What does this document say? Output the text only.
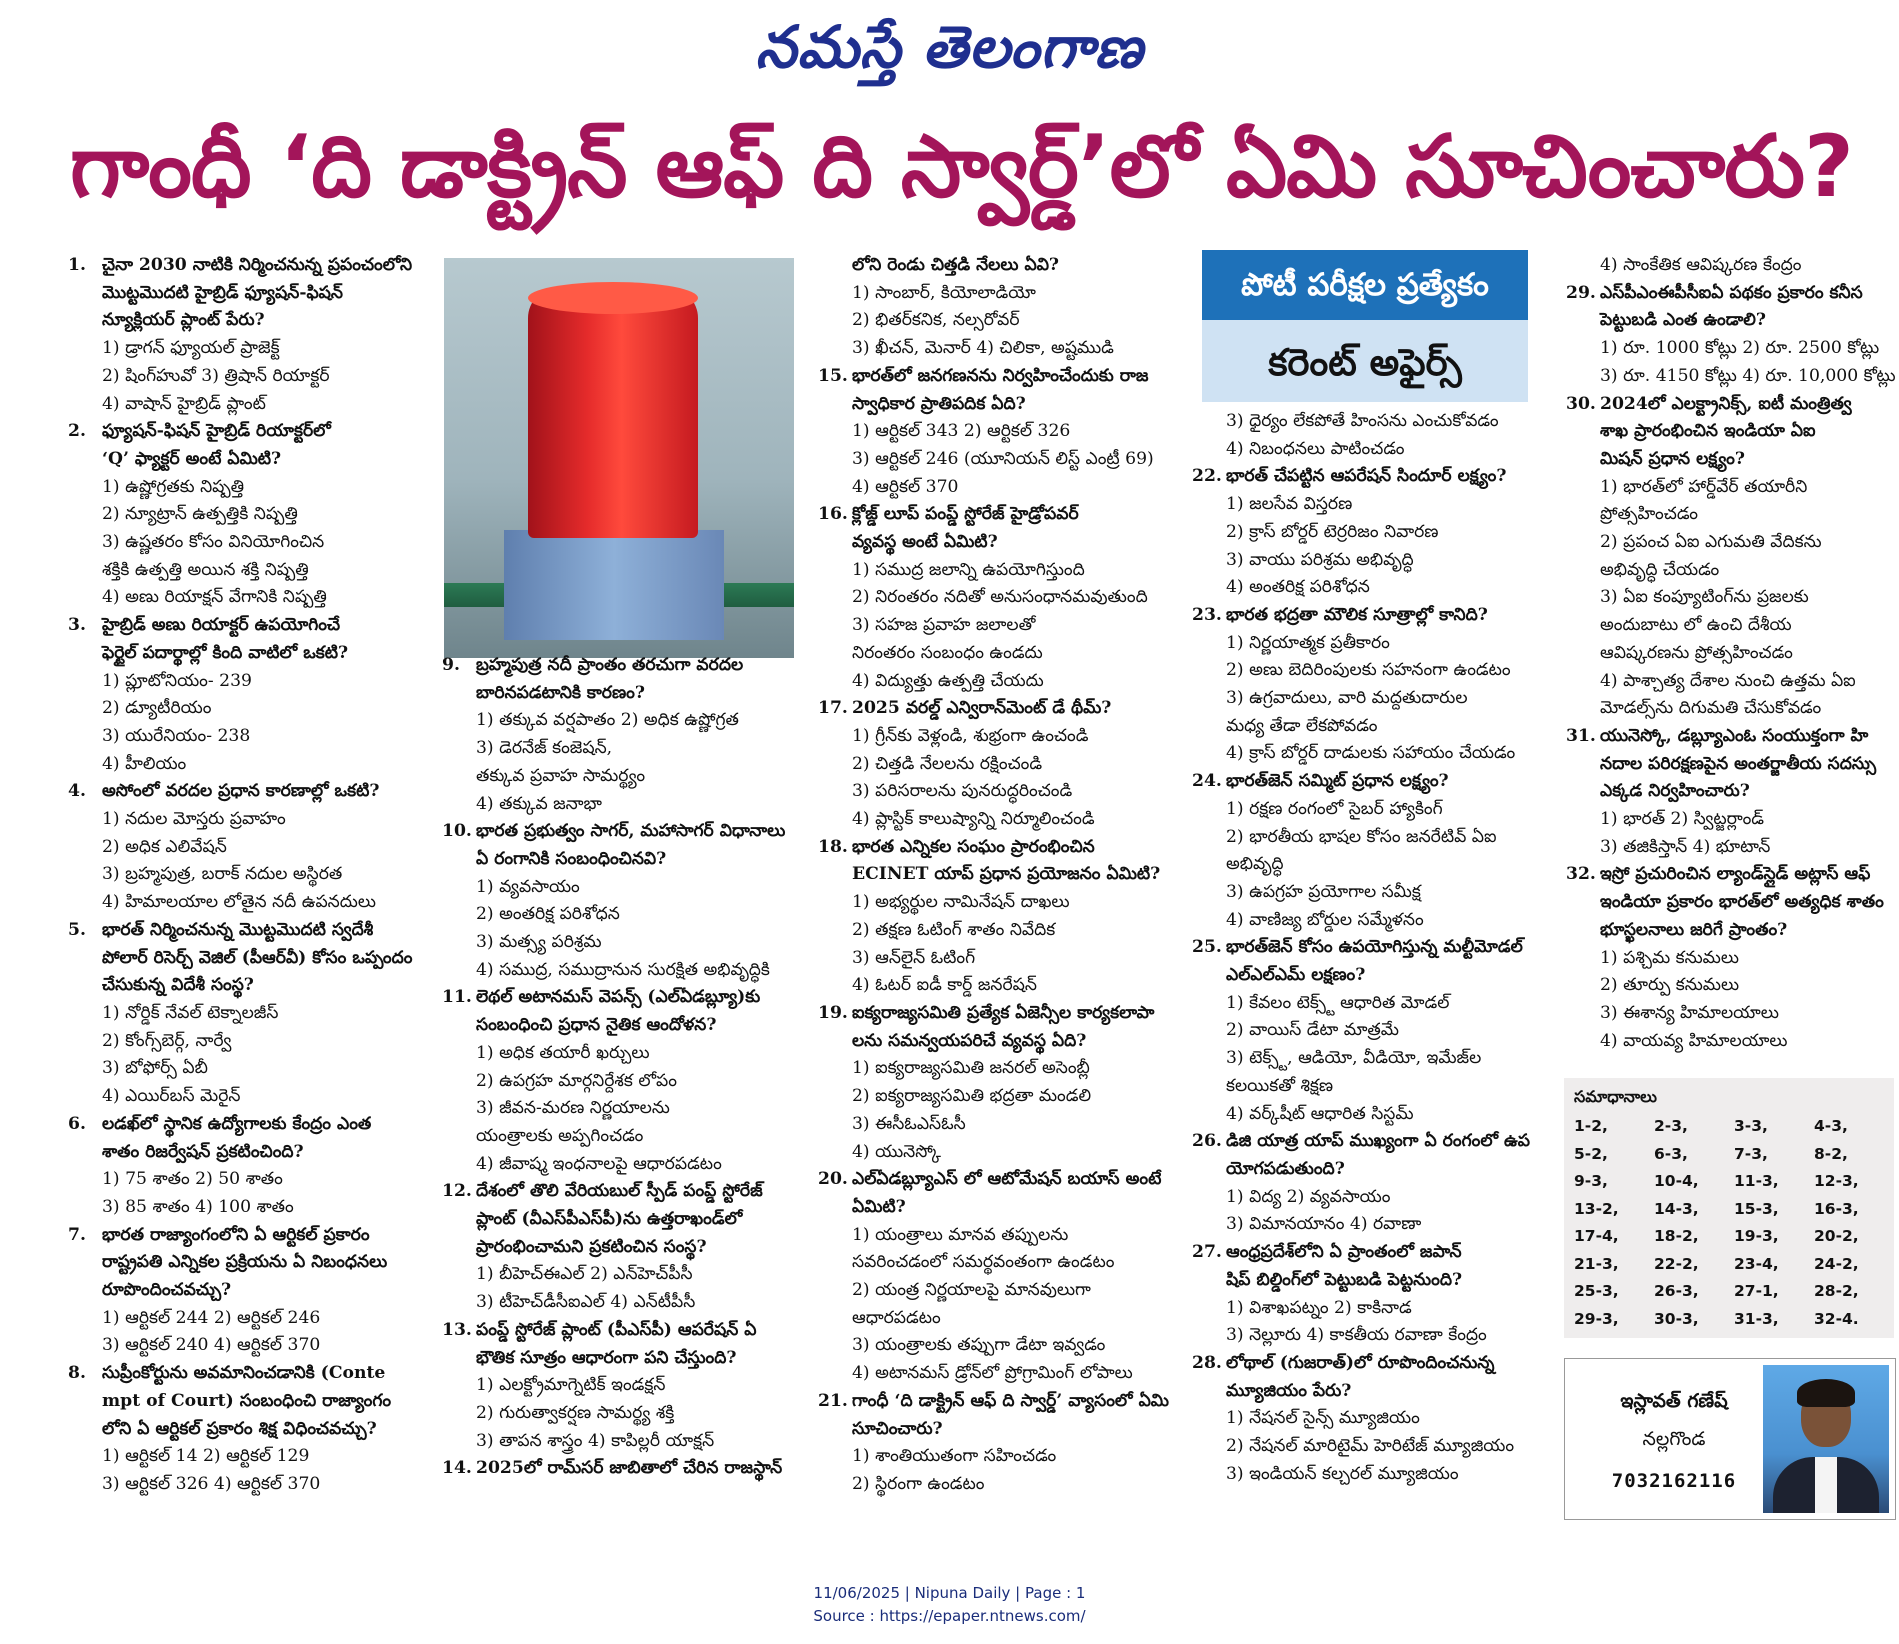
నమస్తే తెలంగాణ
గాంధీ ‘ది డాక్ట్రిన్ ఆఫ్ ది స్వార్డ్’లో ఏమి సూచించారు?

1. చైనా 2030 నాటికి నిర్మించనున్న ప్రపంచంలోని

మొట్టమొదటి హైబ్రిడ్ ఫ్యూషన్-ఫిషన్

న్యూక్లియర్ ప్లాంట్ పేరు?

1) డ్రాగన్ ఫ్యూయల్ ప్రాజెక్ట్

2) షింగ్‌హువో 3) త్రిషాన్ రియాక్టర్

4) వాషాన్ హైబ్రిడ్ ప్లాంట్

2. ఫ్యూషన్-ఫిషన్ హైబ్రిడ్ రియాక్టర్‌లో

‘Q’ ఫ్యాక్టర్ అంటే ఏమిటి?

1) ఉష్ణోగ్రతకు నిష్పత్తి

2) న్యూట్రాన్ ఉత్పత్తికి నిష్పత్తి

3) ఉష్ణతరం కోసం వినియోగించిన

శక్తికి ఉత్పత్తి అయిన శక్తి నిష్పత్తి

4) అణు రియాక్షన్ వేగానికి నిష్పత్తి

3. హైబ్రిడ్ అణు రియాక్టర్ ఉపయోగించే

ఫెర్టైల్ పదార్థాల్లో కింది వాటిలో ఒకటి?

1) ప్లూటోనియం- 239

2) డ్యూటీరియం

3) యురేనియం- 238

4) హీలియం

4. అసోంలో వరదల ప్రధాన కారణాల్లో ఒకటి?

1) నదుల మోస్తరు ప్రవాహం

2) అధిక ఎలివేషన్

3) బ్రహ్మపుత్ర, బరాక్ నదుల అస్థిరత

4) హిమాలయాల లోతైన నదీ ఉపనదులు

5. భారత్ నిర్మించనున్న మొట్టమొదటి స్వదేశీ

పోలార్ రిసెర్చ్ వెజిల్ (పీఆర్‌వీ) కోసం ఒప్పందం

చేసుకున్న విదేశీ సంస్థ?

1) నోర్డిక్ నేవల్ టెక్నాలజీస్

2) కోంగ్స్‌బెర్గ్, నార్వే

3) బోఫోర్స్ ఏబీ

4) ఎయిర్‌బస్ మెరైన్

6. లడఖ్‌లో స్థానిక ఉద్యోగాలకు కేంద్రం ఎంత

శాతం రిజర్వేషన్ ప్రకటించింది?

1) 75 శాతం 2) 50 శాతం

3) 85 శాతం 4) 100 శాతం

7. భారత రాజ్యాంగంలోని ఏ ఆర్టికల్ ప్రకారం

రాష్ట్రపతి ఎన్నికల ప్రక్రియను ఏ నిబంధనలు

రూపొందించవచ్చు?

1) ఆర్టికల్ 244 2) ఆర్టికల్ 246

3) ఆర్టికల్ 240 4) ఆర్టికల్ 370

8. సుప్రీంకోర్టును అవమానించడానికి (Conte

mpt of Court) సంబంధించి రాజ్యాంగం

లోని ఏ ఆర్టికల్ ప్రకారం శిక్ష విధించవచ్చు?

1) ఆర్టికల్ 14 2) ఆర్టికల్ 129

3) ఆర్టికల్ 326 4) ఆర్టికల్ 370

9. బ్రహ్మపుత్ర నదీ ప్రాంతం తరచుగా వరదల

బారినపడటానికి కారణం?

1) తక్కువ వర్షపాతం 2) అధిక ఉష్ణోగ్రత

3) డెరనేజ్ కంజెషన్,

తక్కువ ప్రవాహ సామర్థ్యం

4) తక్కువ జనాభా

10. భారత ప్రభుత్వం సాగర్, మహాసాగర్ విధానాలు

ఏ రంగానికి సంబంధించినవి?

1) వ్యవసాయం

2) అంతరిక్ష పరిశోధన

3) మత్స్య పరిశ్రమ

4) సముద్ర, సముద్రానున సురక్షిత అభివృద్ధికి

11. లెథల్ అటానమస్ వెపన్స్ (ఎల్‌ఏడబ్ల్యూ)కు

సంబంధించి ప్రధాన నైతిక ఆందోళన?

1) అధిక తయారీ ఖర్చులు

2) ఉపగ్రహ మార్గనిర్దేశక లోపం

3) జీవన-మరణ నిర్ణయాలను

యంత్రాలకు అప్పగించడం

4) జీవాష్మ ఇంధనాలపై ఆధారపడటం

12. దేశంలో తొలి వేరియబుల్ స్పీడ్ పంప్డ్ స్టోరేజ్

ప్లాంట్ (వీఎస్‌పీఎస్‌పీ)ను ఉత్తరాఖండ్‌లో

ప్రారంభించామని ప్రకటించిన సంస్థ?

1) బీహెచ్ఈఎల్ 2) ఎన్‌హెచ్‌పీసీ

3) టీహెచ్‌డీసీఐఎల్ 4) ఎన్‌టీపీసీ

13. పంప్డ్ స్టోరేజ్ ప్లాంట్ (పీఎస్‌పీ) ఆపరేషన్ ఏ

భౌతిక సూత్రం ఆధారంగా పని చేస్తుంది?

1) ఎలక్ట్రోమాగ్నెటిక్ ఇండక్షన్

2) గురుత్వాకర్షణ సామర్థ్య శక్తి

3) తాపన శాస్త్రం 4) కాపిల్లరీ యాక్షన్

14. 2025లో రామ్‌సర్ జాబితాలో చేరిన రాజస్థాన్

లోని రెండు చిత్తడి నేలలు ఏవి?

1) సాంబార్, కియోలాడియో

2) భితర్‌కనిక, నల్సరోవర్

3) ఖీచన్, మెనార్ 4) చిలికా, అష్టముడి

15. భారత్‌లో జనగణనను నిర్వహించేందుకు రాజ

స్వాధికార ప్రాతిపదిక ఏది?

1) ఆర్టికల్ 343 2) ఆర్టికల్ 326

3) ఆర్టికల్ 246 (యూనియన్ లిస్ట్ ఎంట్రీ 69)

4) ఆర్టికల్ 370

16. క్లోజ్డ్ లూప్ పంప్డ్ స్టోరేజ్ హైడ్రోపవర్

వ్యవస్థ అంటే ఏమిటి?

1) సముద్ర జలాన్ని ఉపయోగిస్తుంది

2) నిరంతరం నదితో అనుసంధానమవుతుంది

3) సహజ ప్రవాహ జలాలతో

నిరంతరం సంబంధం ఉండదు

4) విద్యుత్తు ఉత్పత్తి చేయదు

17. 2025 వరల్డ్ ఎన్విరాన్‌మెంట్ డే థీమ్?

1) గ్రీన్‌కు వెళ్లండి, శుభ్రంగా ఉంచండి

2) చిత్తడి నేలలను రక్షించండి

3) పరిసరాలను పునరుద్ధరించండి

4) ప్లాస్టిక్ కాలుష్యాన్ని నిర్మూలించండి

18. భారత ఎన్నికల సంఘం ప్రారంభించిన

ECINET యాప్ ప్రధాన ప్రయోజనం ఏమిటి?

1) అభ్యర్థుల నామినేషన్ దాఖలు

2) తక్షణ ఓటింగ్ శాతం నివేదిక

3) ఆన్‌లైన్ ఓటింగ్

4) ఓటర్ ఐడీ కార్డ్ జనరేషన్

19. ఐక్యరాజ్యసమితి ప్రత్యేక ఏజెన్సీల కార్యకలాపా

లను సమన్వయపరిచే వ్యవస్థ ఏది?

1) ఐక్యరాజ్యసమితి జనరల్ అసెంబ్లీ

2) ఐక్యరాజ్యసమితి భద్రతా మండలి

3) ఈసీఓఎస్‌ఓసీ

4) యునెస్కో

20. ఎల్‌ఏడబ్ల్యూఎస్ లో ఆటోమేషన్ బయాస్ అంటే

ఏమిటి?

1) యంత్రాలు మానవ తప్పులను

సవరించడంలో సమర్థవంతంగా ఉండటం

2) యంత్ర నిర్ణయాలపై మానవులుగా

ఆధారపడటం

3) యంత్రాలకు తప్పుగా డేటా ఇవ్వడం

4) అటానమస్ డ్రోన్‌లో ప్రోగ్రామింగ్ లోపాలు

21. గాంధీ ‘ది డాక్ట్రిన్ ఆఫ్ ది స్వార్డ్’ వ్యాసంలో ఏమి

సూచించారు?

1) శాంతియుతంగా సహించడం

2) స్థిరంగా ఉండటం

పోటీ పరీక్షల ప్రత్యేకం
కరెంట్ అఫైర్స్

3) ధైర్యం లేకపోతే హింసను ఎంచుకోవడం

4) నిబంధనలు పాటించడం

22. భారత్ చేపట్టిన ఆపరేషన్ సిందూర్ లక్ష్యం?

1) జలసేవ విస్తరణ

2) క్రాస్ బోర్డర్ టెర్రరిజం నివారణ

3) వాయు పరిశ్రమ అభివృద్ధి

4) అంతరిక్ష పరిశోధన

23. భారత భద్రతా మౌలిక సూత్రాల్లో కానిది?

1) నిర్ణయాత్మక ప్రతీకారం

2) అణు బెదిరింపులకు సహనంగా ఉండటం

3) ఉగ్రవాదులు, వారి మద్దతుదారుల

మధ్య తేడా లేకపోవడం

4) క్రాస్ బోర్డర్ దాడులకు సహాయం చేయడం

24. భారత్‌జెన్ సమ్మిట్ ప్రధాన లక్ష్యం?

1) రక్షణ రంగంలో సైబర్ హ్యాకింగ్

2) భారతీయ భాషల కోసం జనరేటివ్ ఏఐ

అభివృద్ధి

3) ఉపగ్రహ ప్రయోగాల సమీక్ష

4) వాణిజ్య బోర్డుల సమ్మేళనం

25. భారత్‌జెన్ కోసం ఉపయోగిస్తున్న మల్టీమోడల్

ఎల్‌ఎల్‌ఎమ్ లక్షణం?

1) కేవలం టెక్స్ట్ ఆధారిత మోడల్

2) వాయిస్ డేటా మాత్రమే

3) టెక్స్ట్, ఆడియో, వీడియో, ఇమేజ్‌ల

కలయికతో శిక్షణ

4) వర్క్‌షీట్ ఆధారిత సిస్టమ్

26. డిజి యాత్ర యాప్ ముఖ్యంగా ఏ రంగంలో ఉప

యోగపడుతుంది?

1) విద్య 2) వ్యవసాయం

3) విమానయానం 4) రవాణా

27. ఆంధ్రప్రదేశ్‌లోని ఏ ప్రాంతంలో జపాన్

షిప్ బిల్డింగ్‌లో పెట్టుబడి పెట్టనుంది?

1) విశాఖపట్నం 2) కాకినాడ

3) నెల్లూరు 4) కాకతీయ రవాణా కేంద్రం

28. లోథాల్ (గుజరాత్)లో రూపొందించనున్న

మ్యూజియం పేరు?

1) నేషనల్ సైన్స్ మ్యూజియం

2) నేషనల్ మారిటైమ్ హెరిటేజ్ మ్యూజియం

3) ఇండియన్ కల్చరల్ మ్యూజియం

4) సాంకేతిక ఆవిష్కరణ కేంద్రం

29. ఎస్‌పీఎంఈపీసీఐఏ పథకం ప్రకారం కనీస

పెట్టుబడి ఎంత ఉండాలి?

1) రూ. 1000 కోట్లు 2) రూ. 2500 కోట్లు

3) రూ. 4150 కోట్లు 4) రూ. 10,000 కోట్లు

30. 2024లో ఎలక్ట్రానిక్స్, ఐటీ మంత్రిత్వ

శాఖ ప్రారంభించిన ఇండియా ఏఐ

మిషన్ ప్రధాన లక్ష్యం?

1) భారత్‌లో హార్డ్‌వేర్ తయారీని

ప్రోత్సహించడం

2) ప్రపంచ ఏఐ ఎగుమతి వేదికను

అభివృద్ధి చేయడం

3) ఏఐ కంప్యూటింగ్‌ను ప్రజలకు

అందుబాటు లో ఉంచి దేశీయ

ఆవిష్కరణను ప్రోత్సహించడం

4) పాశ్చాత్య దేశాల నుంచి ఉత్తమ ఏఐ

మోడల్స్‌ను దిగుమతి చేసుకోవడం

31. యునెస్కో, డబ్ల్యూఎంఓ సంయుక్తంగా హి

నదాల పరిరక్షణపైన అంతర్జాతీయ సదస్సు

ఎక్కడ నిర్వహించారు?

1) భారత్ 2) స్విట్జర్లాండ్

3) తజికిస్తాన్ 4) భూటాన్

32. ఇస్రో ప్రచురించిన ల్యాండ్‌స్లైడ్ అట్లాస్ ఆఫ్

ఇండియా ప్రకారం భారత్‌లో అత్యధిక శాతం

భూస్ఖలనాలు జరిగే ప్రాంతం?

1) పశ్చిమ కనుమలు

2) తూర్పు కనుమలు

3) ఈశాన్య హిమాలయాలు

4) వాయవ్య హిమాలయాలు

సమాధానాలు
1-2,	2-3,	3-3,	4-3,
5-2,	6-3,	7-3,	8-2,
9-3,	10-4,	11-3,	12-3,
13-2,	14-3,	15-3,	16-3,
17-4,	18-2,	19-3,	20-2,
21-3,	22-2,	23-4,	24-2,
25-3,	26-3,	27-1,	28-2,
29-3,	30-3,	31-3,	32-4.
ఇస్లావత్ గణేష్
నల్లగొండ
7032162116
11/06/2025 | Nipuna Daily | Page : 1
Source : https://epaper.ntnews.com/
